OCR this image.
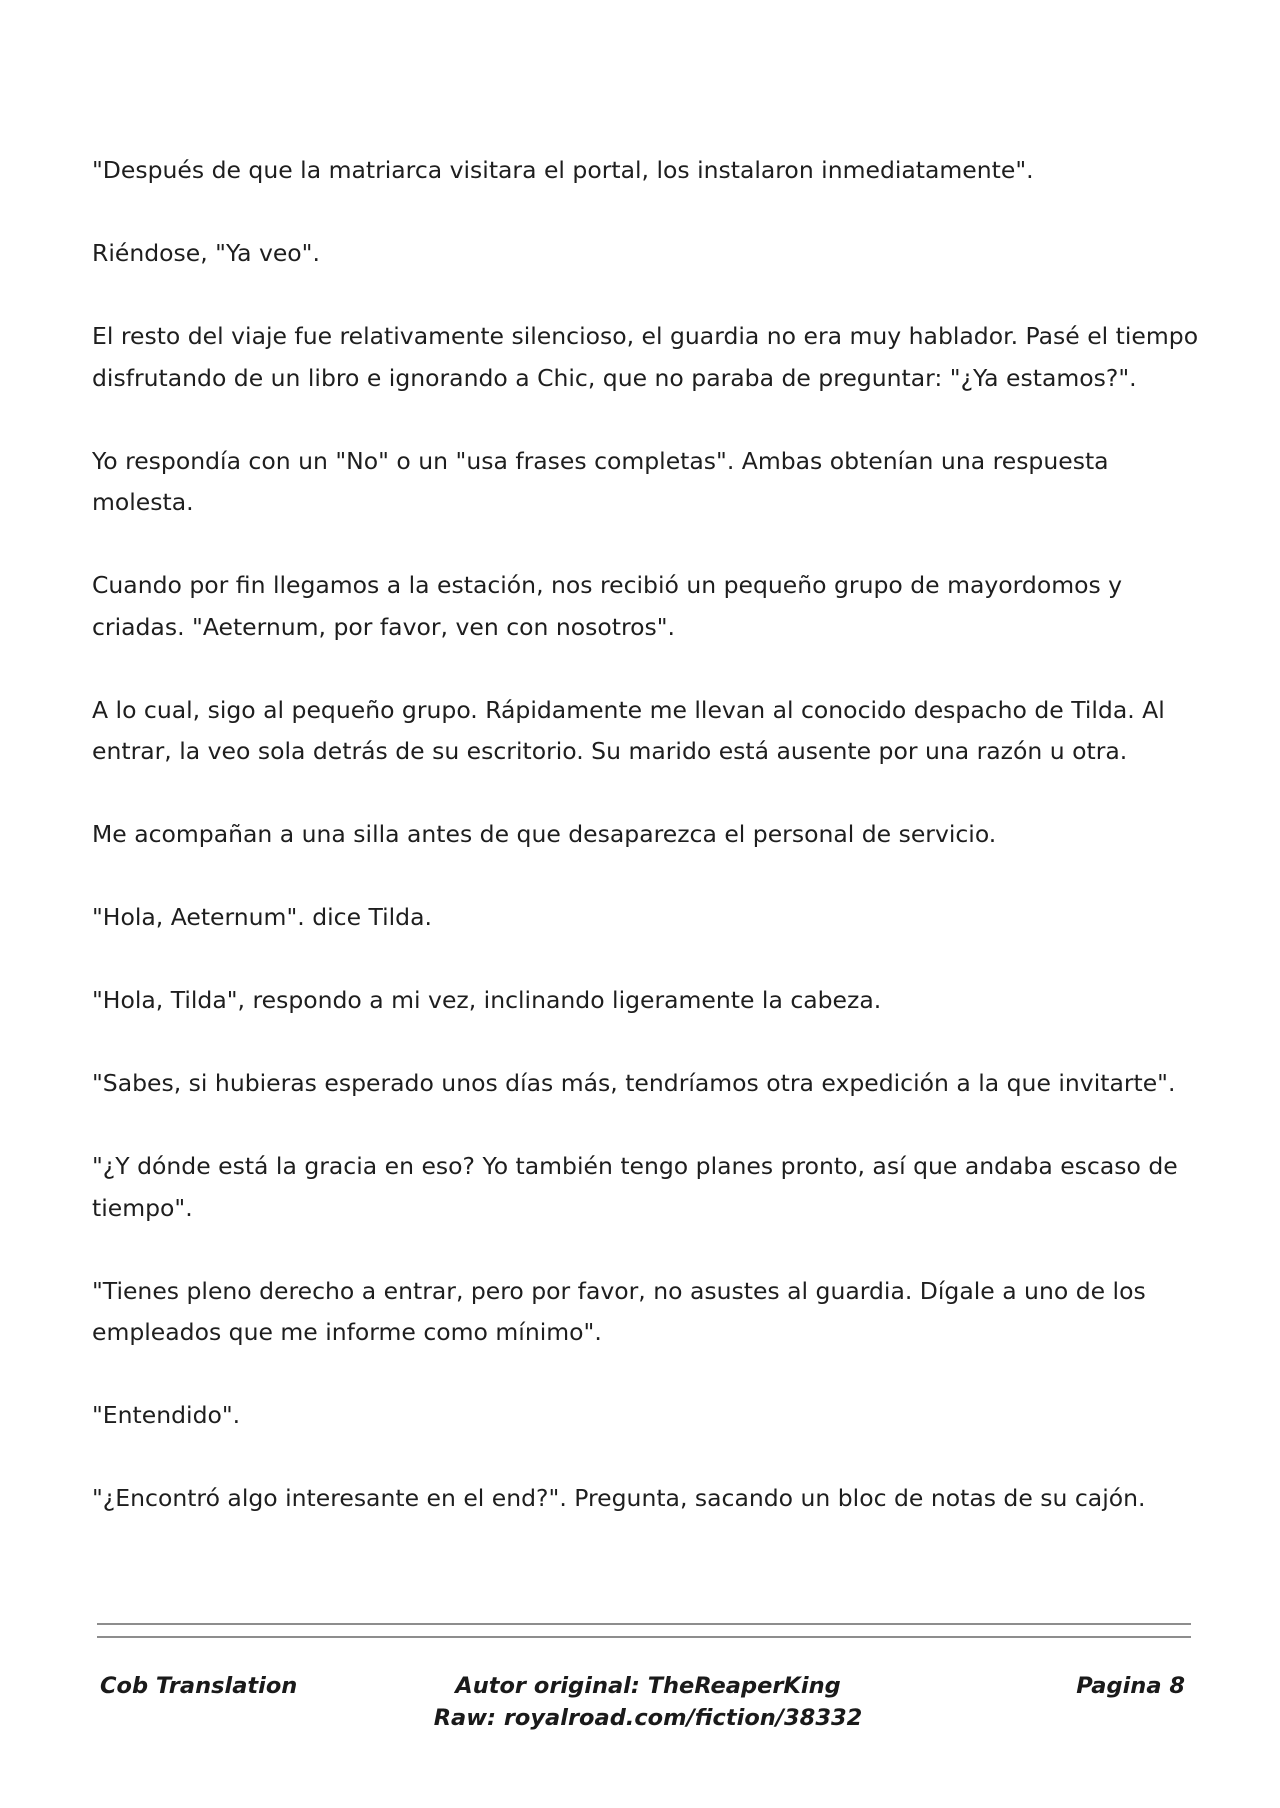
"Después de que la matriarca visitara el portal, los instalaron inmediatamente".

Riéndose, "Ya veo".

El resto del viaje fue relativamente silencioso, el guardia no era muy hablador. Pasé el tiempo disfrutando de un libro e ignorando a Chic, que no paraba de preguntar: "¿Ya estamos?".

Yo respondía con un "No" o un "usa frases completas". Ambas obtenían una respuesta molesta.

Cuando por fin llegamos a la estación, nos recibió un pequeño grupo de mayordomos y criadas. "Aeternum, por favor, ven con nosotros".

A lo cual, sigo al pequeño grupo. Rápidamente me llevan al conocido despacho de Tilda. Al entrar, la veo sola detrás de su escritorio. Su marido está ausente por una razón u otra.

Me acompañan a una silla antes de que desaparezca el personal de servicio.

"Hola, Aeternum". dice Tilda.

"Hola, Tilda", respondo a mi vez, inclinando ligeramente la cabeza.

"Sabes, si hubieras esperado unos días más, tendríamos otra expedición a la que invitarte".

"¿Y dónde está la gracia en eso? Yo también tengo planes pronto, así que andaba escaso de tiempo".

"Tienes pleno derecho a entrar, pero por favor, no asustes al guardia. Dígale a uno de los empleados que me informe como mínimo".

"Entendido".

"¿Encontró algo interesante en el end?". Pregunta, sacando un bloc de notas de su cajón.

Cob Translation	Autor original: TheReaperKing
Raw: royalroad.com/fiction/38332
Pagina 8
